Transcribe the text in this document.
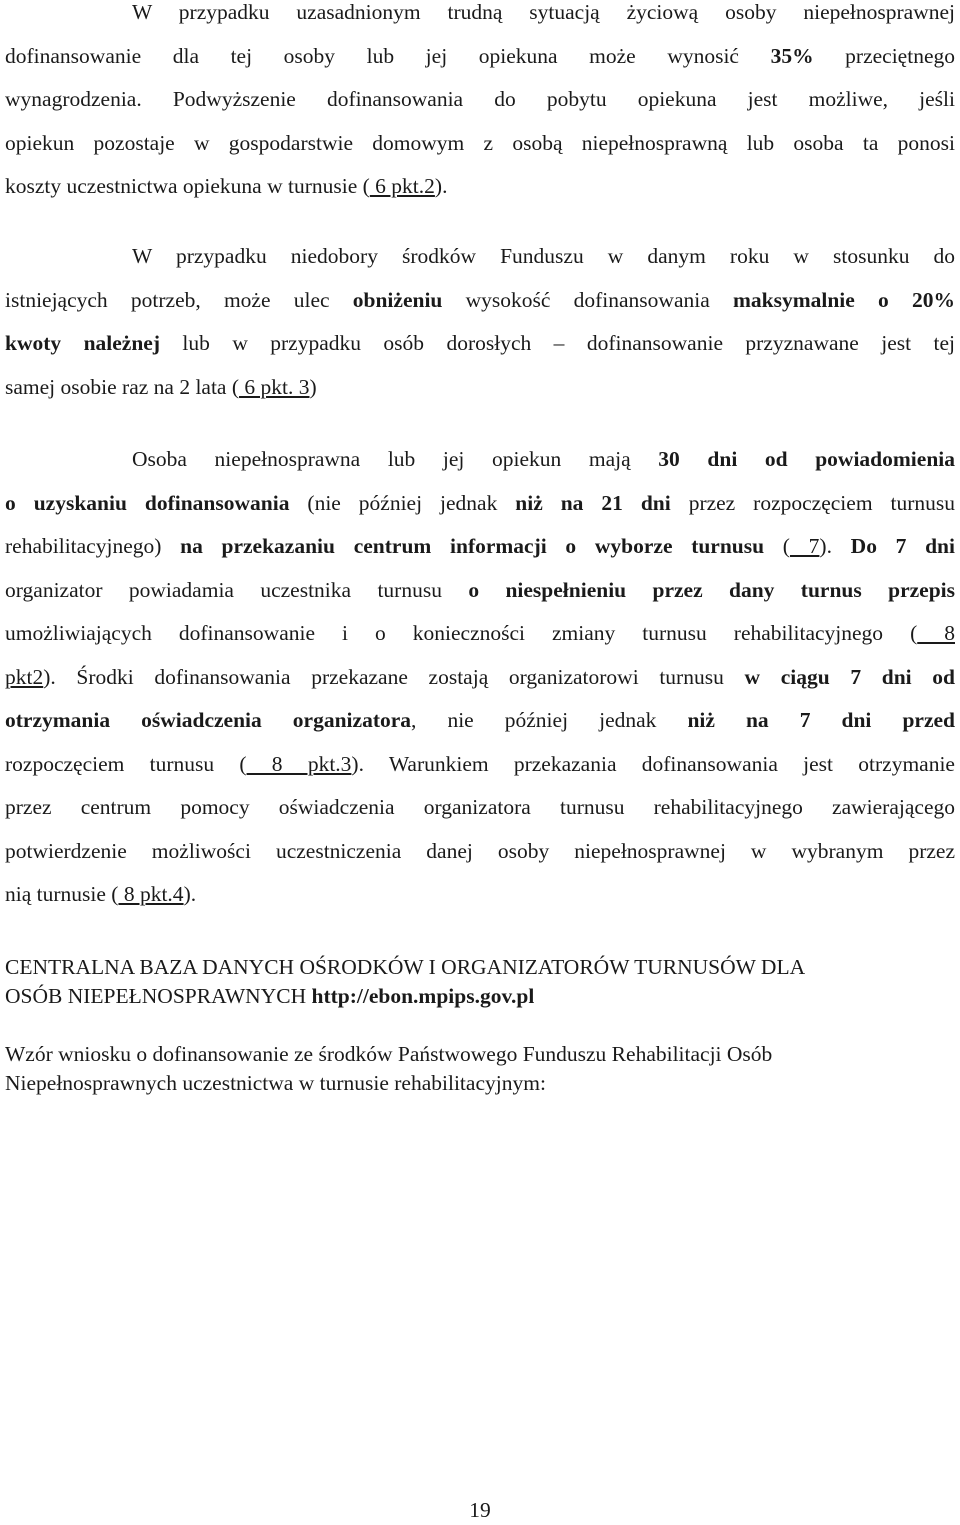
W przypadku uzasadnionym trudną sytuacją życiową osoby niepełnosprawnej
dofinansowanie dla tej osoby lub jej opiekuna może wynosić 35% przeciętnego
wynagrodzenia. Podwyższenie dofinansowania do pobytu opiekuna jest możliwe, jeśli
opiekun pozostaje w gospodarstwie domowym z osobą niepełnosprawną lub osoba ta ponosi
koszty uczestnictwa opiekuna w turnusie ( 6 pkt.2).

W przypadku niedobory środków Funduszu w danym roku w stosunku do
istniejących potrzeb, może ulec obniżeniu wysokość dofinansowania maksymalnie o 20%
kwoty należnej lub w przypadku osób dorosłych – dofinansowanie przyznawane jest tej
samej osobie raz na 2 lata ( 6 pkt. 3)

Osoba niepełnosprawna lub jej opiekun mają 30 dni od powiadomienia
o uzyskaniu dofinansowania (nie później jednak niż na 21 dni przez rozpoczęciem turnusu
rehabilitacyjnego) na przekazaniu centrum informacji o wyborze turnusu ( 7). Do 7 dni
organizator powiadamia uczestnika turnusu o niespełnieniu przez dany turnus przepis
umożliwiających dofinansowanie i o konieczności zmiany turnusu rehabilitacyjnego ( 8
pkt2). Środki dofinansowania przekazane zostają organizatorowi turnusu w ciągu 7 dni od
otrzymania oświadczenia organizatora, nie później jednak niż na 7 dni przed
rozpoczęciem turnusu ( 8 pkt.3). Warunkiem przekazania dofinansowania jest otrzymanie
przez centrum pomocy oświadczenia organizatora turnusu rehabilitacyjnego zawierającego
potwierdzenie możliwości uczestniczenia danej osoby niepełnosprawnej w wybranym przez
nią turnusie ( 8 pkt.4).

CENTRALNA BAZA DANYCH OŚRODKÓW I ORGANIZATORÓW TURNUSÓW DLA
OSÓB NIEPEŁNOSPRAWNYCH http://ebon.mpips.gov.pl
Wzór wniosku o dofinansowanie ze środków Państwowego Funduszu Rehabilitacji Osób
Niepełnosprawnych uczestnictwa w turnusie rehabilitacyjnym:
19
